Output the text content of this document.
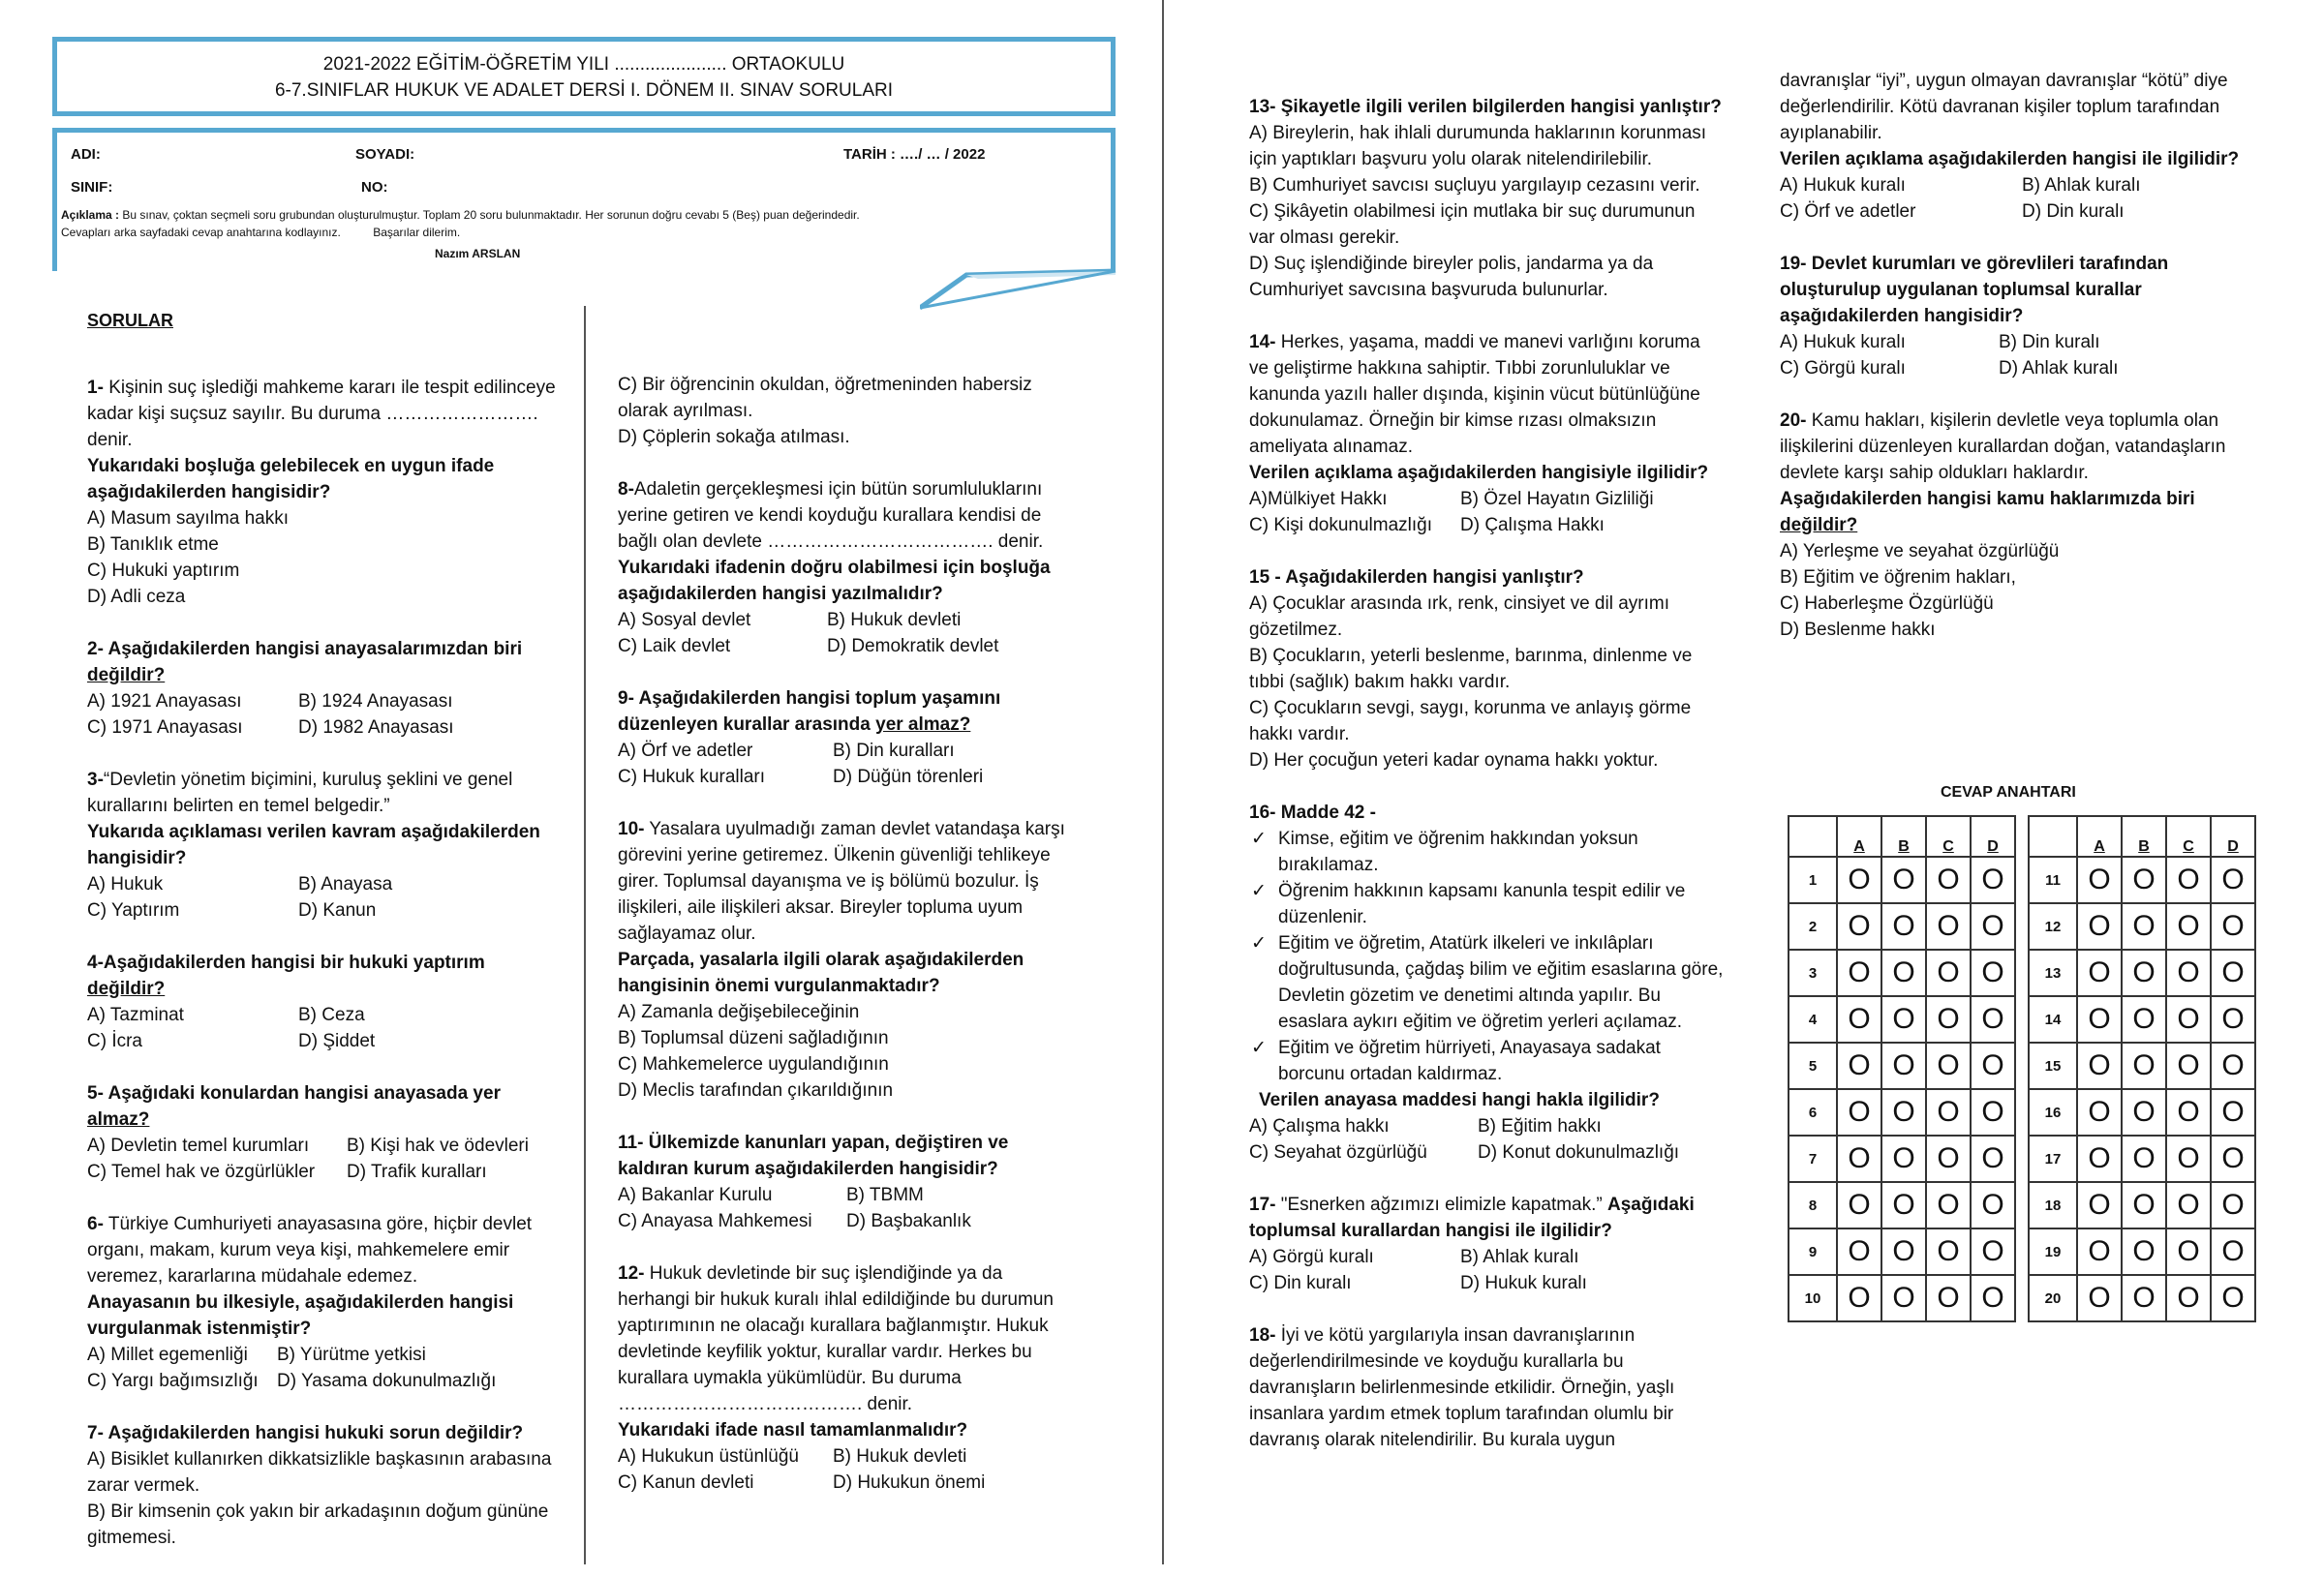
2021-2022 EĞİTİM-ÖĞRETİM YILI ...................... ORTAOKULU
6-7.SINIFLAR HUKUK VE ADALET DERSİ I. DÖNEM II. SINAV SORULARI
ADI:	SOYADI:	TARİH : …./ … / 2022
SINIF:	NO:
Açıklama : Bu sınav, çoktan seçmeli soru grubundan oluşturulmuştur. Toplam 20 soru bulunmaktadır. Her sorunun doğru cevabı 5 (Beş) puan değerindedir.
Cevapları arka sayfadaki cevap anahtarına kodlayınız.	Başarılar dilerim.
Nazım ARSLAN
SORULAR

1- Kişinin suç işlediği mahkeme kararı ile tespit edilinceye kadar kişi suçsuz sayılır. Bu duruma ……………………. denir.

Yukarıdaki boşluğa gelebilecek en uygun ifade aşağıdakilerden hangisidir?

A) Masum sayılma hakkı

B) Tanıklık etme

C) Hukuki yaptırım

D) Adli ceza

2- Aşağıdakilerden hangisi anayasalarımızdan biri

değildir?

A) 1921 Anayasası	B) 1924 Anayasası
C) 1971 Anayasası	D) 1982 Anayasası

3-“Devletin yönetim biçimini, kuruluş şeklini ve genel kurallarını belirten en temel belgedir.”

Yukarıda açıklaması verilen kavram aşağıdakilerden hangisidir?

A) Hukuk	B) Anayasa
C) Yaptırım	D) Kanun

4-Aşağıdakilerden hangisi bir hukuki yaptırım

değildir?

A) Tazminat	B) Ceza
C) İcra	D) Şiddet

5- Aşağıdaki konulardan hangisi anayasada yer

almaz?

A) Devletin temel kurumları	B) Kişi hak ve ödevleri
C) Temel hak ve özgürlükler	D) Trafik kuralları

6- Türkiye Cumhuriyeti anayasasına göre, hiçbir devlet organı, makam, kurum veya kişi, mahkemelere emir veremez, kararlarına müdahale edemez.

Anayasanın bu ilkesiyle, aşağıdakilerden hangisi vurgulanmak istenmiştir?

A) Millet egemenliği	B) Yürütme yetkisi
C) Yargı bağımsızlığı	D) Yasama dokunulmazlığı

7- Aşağıdakilerden hangisi hukuki sorun değildir?

A) Bisiklet kullanırken dikkatsizlikle başkasının arabasına zarar vermek.

B) Bir kimsenin çok yakın bir arkadaşının doğum gününe gitmemesi.

C) Bir öğrencinin okuldan, öğretmeninden habersiz olarak ayrılması.

D) Çöplerin sokağa atılması.

8-Adaletin gerçekleşmesi için bütün sorumluluklarını yerine getiren ve kendi koyduğu kurallara kendisi de bağlı olan devlete ………………………………. denir.

Yukarıdaki ifadenin doğru olabilmesi için boşluğa aşağıdakilerden hangisi yazılmalıdır?

A) Sosyal devlet	B) Hukuk devleti
C) Laik devlet	D) Demokratik devlet

9- Aşağıdakilerden hangisi toplum yaşamını düzenleyen kurallar arasında yer almaz?

A) Örf ve adetler	B) Din kuralları
C) Hukuk kuralları	D) Düğün törenleri

10- Yasalara uyulmadığı zaman devlet vatandaşa karşı görevini yerine getiremez. Ülkenin güvenliği tehlikeye girer. Toplumsal dayanışma ve iş bölümü bozulur. İş ilişkileri, aile ilişkileri aksar. Bireyler topluma uyum sağlayamaz olur.

Parçada, yasalarla ilgili olarak aşağıdakilerden hangisinin önemi vurgulanmaktadır?

A) Zamanla değişebileceğinin

B) Toplumsal düzeni sağladığının

C) Mahkemelerce uygulandığının

D) Meclis tarafından çıkarıldığının

11- Ülkemizde kanunları yapan, değiştiren ve kaldıran kurum aşağıdakilerden hangisidir?

A) Bakanlar Kurulu	B) TBMM
C) Anayasa Mahkemesi	D) Başbakanlık

12- Hukuk devletinde bir suç işlendiğinde ya da herhangi bir hukuk kuralı ihlal edildiğinde bu durumun yaptırımının ne olacağı kurallara bağlanmıştır. Hukuk devletinde keyfilik yoktur, kurallar vardır. Herkes bu kurallara uymakla yükümlüdür. Bu duruma …………………………………. denir.

Yukarıdaki ifade nasıl tamamlanmalıdır?

A) Hukukun üstünlüğü	B) Hukuk devleti
C) Kanun devleti	D) Hukukun önemi

13- Şikayetle ilgili verilen bilgilerden hangisi yanlıştır?

A) Bireylerin, hak ihlali durumunda haklarının korunması için yaptıkları başvuru yolu olarak nitelendirilebilir.

B) Cumhuriyet savcısı suçluyu yargılayıp cezasını verir.

C) Şikâyetin olabilmesi için mutlaka bir suç durumunun var olması gerekir.

D) Suç işlendiğinde bireyler polis, jandarma ya da Cumhuriyet savcısına başvuruda bulunurlar.

14- Herkes, yaşama, maddi ve manevi varlığını koruma ve geliştirme hakkına sahiptir. Tıbbi zorunluluklar ve kanunda yazılı haller dışında, kişinin vücut bütünlüğüne dokunulamaz. Örneğin bir kimse rızası olmaksızın ameliyata alınamaz.

Verilen açıklama aşağıdakilerden hangisiyle ilgilidir?

A)Mülkiyet Hakkı	B) Özel Hayatın Gizliliği
C) Kişi dokunulmazlığı	D) Çalışma Hakkı

15 - Aşağıdakilerden hangisi yanlıştır?

A) Çocuklar arasında ırk, renk, cinsiyet ve dil ayrımı gözetilmez.

B) Çocukların, yeterli beslenme, barınma, dinlenme ve tıbbi (sağlık) bakım hakkı vardır.

C) Çocukların sevgi, saygı, korunma ve anlayış görme hakkı vardır.

D) Her çocuğun yeteri kadar oynama hakkı yoktur.

16- Madde 42 -

✓ Kimse, eğitim ve öğrenim hakkından yoksun bırakılamaz.
✓ Öğrenim hakkının kapsamı kanunla tespit edilir ve düzenlenir.
✓ Eğitim ve öğretim, Atatürk ilkeleri ve inkılâpları doğrultusunda, çağdaş bilim ve eğitim esaslarına göre, Devletin gözetim ve denetimi altında yapılır. Bu esaslara aykırı eğitim ve öğretim yerleri açılamaz.
✓ Eğitim ve öğretim hürriyeti, Anayasaya sadakat borcunu ortadan kaldırmaz.

Verilen anayasa maddesi hangi hakla ilgilidir?

A) Çalışma hakkı	B) Eğitim hakkı
C) Seyahat özgürlüğü	D) Konut dokunulmazlığı

17- "Esnerken ağzımızı elimizle kapatmak.” Aşağıdaki toplumsal kurallardan hangisi ile ilgilidir?

A) Görgü kuralı	B) Ahlak kuralı
C) Din kuralı	D) Hukuk kuralı

18- İyi ve kötü yargılarıyla insan davranışlarının değerlendirilmesinde ve koyduğu kurallarla bu davranışların belirlenmesinde etkilidir. Örneğin, yaşlı insanlara yardım etmek toplum tarafından olumlu bir davranış olarak nitelendirilir. Bu kurala uygun

davranışlar “iyi”, uygun olmayan davranışlar “kötü” diye değerlendirilir. Kötü davranan kişiler toplum tarafından ayıplanabilir.

Verilen açıklama aşağıdakilerden hangisi ile ilgilidir?

A) Hukuk kuralı	B) Ahlak kuralı
C) Örf ve adetler	D) Din kuralı

19- Devlet kurumları ve görevlileri tarafından oluşturulup uygulanan toplumsal kurallar aşağıdakilerden hangisidir?

A) Hukuk kuralı	B) Din kuralı
C) Görgü kuralı	D) Ahlak kuralı

20- Kamu hakları, kişilerin devletle veya toplumla olan ilişkilerini düzenleyen kurallardan doğan, vatandaşların devlete karşı sahip oldukları haklardır.

Aşağıdakilerden hangisi kamu haklarımızda biri

değildir?

A) Yerleşme ve seyahat özgürlüğü

B) Eğitim ve öğrenim hakları,

C) Haberleşme Özgürlüğü

D) Beslenme hakkı

CEVAP ANAHTARI
	A	B	C	D
1	O	O	O	O
2	O	O	O	O
3	O	O	O	O
4	O	O	O	O
5	O	O	O	O
6	O	O	O	O
7	O	O	O	O
8	O	O	O	O
9	O	O	O	O
10	O	O	O	O
	A	B	C	D
11	O	O	O	O
12	O	O	O	O
13	O	O	O	O
14	O	O	O	O
15	O	O	O	O
16	O	O	O	O
17	O	O	O	O
18	O	O	O	O
19	O	O	O	O
20	O	O	O	O
